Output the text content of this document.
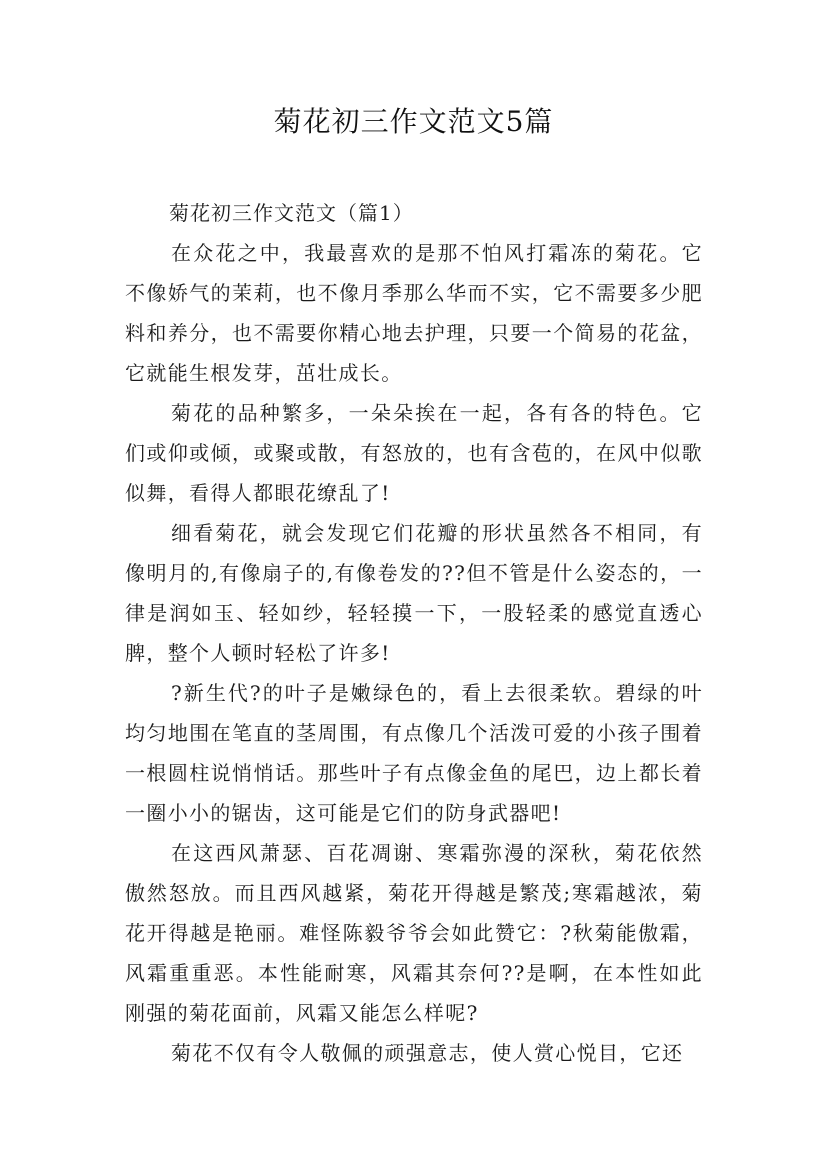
菊花初三作文范文5篇

菊花初三作文范文（篇1）

在众花之中，我最喜欢的是那不怕风打霜冻的菊花。它不像娇气的茉莉，也不像月季那么华而不实，它不需要多少肥料和养分，也不需要你精心地去护理，只要一个简易的花盆，它就能生根发芽，茁壮成长。

菊花的品种繁多，一朵朵挨在一起，各有各的特色。它们或仰或倾，或聚或散，有怒放的，也有含苞的，在风中似歌似舞，看得人都眼花缭乱了!

细看菊花，就会发现它们花瓣的形状虽然各不相同，有像明月的,有像扇子的,有像卷发的??但不管是什么姿态的，一律是润如玉、轻如纱，轻轻摸一下，一股轻柔的感觉直透心脾，整个人顿时轻松了许多!

?新生代?的叶子是嫩绿色的，看上去很柔软。碧绿的叶均匀地围在笔直的茎周围，有点像几个活泼可爱的小孩子围着一根圆柱说悄悄话。那些叶子有点像金鱼的尾巴，边上都长着一圈小小的锯齿，这可能是它们的防身武器吧!

在这西风萧瑟、百花凋谢、寒霜弥漫的深秋，菊花依然傲然怒放。而且西风越紧，菊花开得越是繁茂;寒霜越浓，菊花开得越是艳丽。难怪陈毅爷爷会如此赞它：?秋菊能傲霜，风霜重重恶。本性能耐寒，风霜其奈何??是啊，在本性如此刚强的菊花面前，风霜又能怎么样呢?

菊花不仅有令人敬佩的顽强意志，使人赏心悦目，它还
